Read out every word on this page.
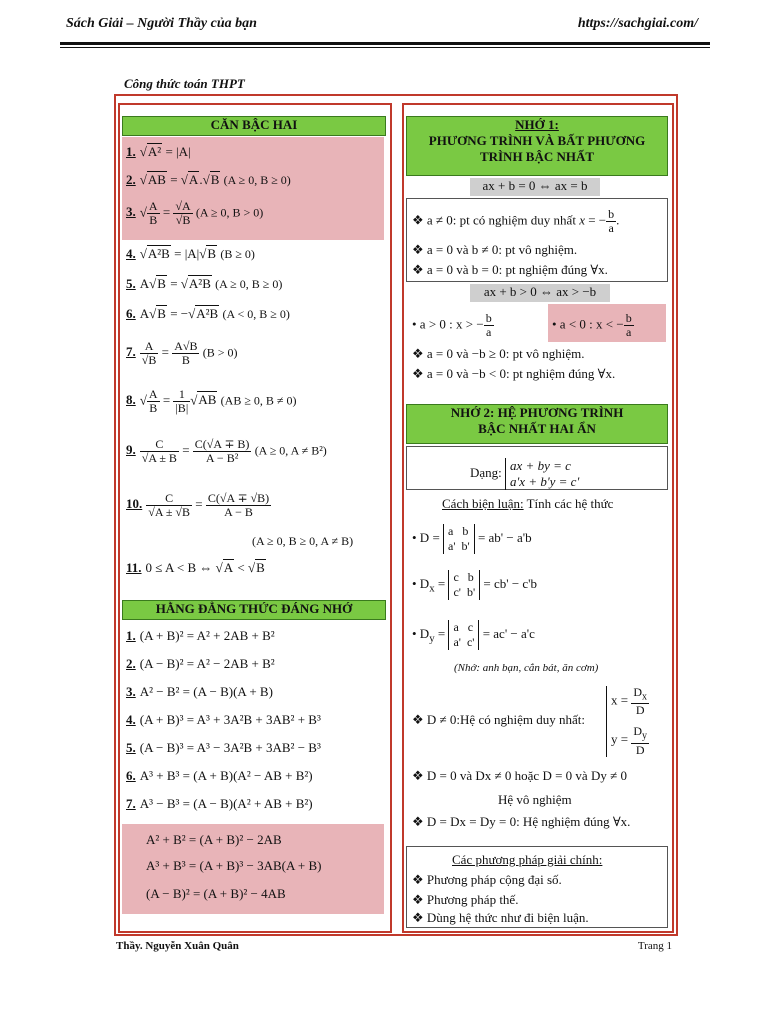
Sách Giải – Người Thầy của bạn	https://sachgiai.com/
Công thức toán THPT
CĂN BẬC HAI
1. √A² = |A|
2. √AB = √A.√B (A ≥ 0, B ≥ 0)
3. √ $\frac{A}{B} = \frac{√A}{√B} (A \ge 0$, B > 0)
4. √A²B = |A|√B (B ≥ 0)
5. A√B = √A²B (A ≥ 0, B ≥ 0)
6. A√B = −√A²B (A < 0, B ≥ 0)
7. $\frac{A}{√B} = \frac{A√B}{B} (B > 0)$
8. √ $\frac{A}{B} = \frac{1}{|B|} √AB$ (AB ≥ 0, B ≠ 0)
9. $\frac{C}{√A \pm B} = \frac{C(√A \mp B)}{\text{A − B²}} (A \ge 0$, A ≠ B²)
10. $\frac{C}{√A \pm √B} = \frac{C(√A \mp √B)}{A - B}$
(A ≥ 0, B ≥ 0, A ≠ B)
11. 0 ≤ A < B ⇔ √A < √B
HẰNG ĐẲNG THỨC ĐÁNG NHỚ
1. (A + B)² = A² + 2AB + B²
2. (A − B)² = A² − 2AB + B²
3. A² − B² = (A − B)(A + B)
4. (A + B)³ = A³ + 3A²B + 3AB² + B³
5. (A − B)³ = A³ − 3A²B + 3AB² − B³
6. A³ + B³ = (A + B)(A² − AB + B²)
7. A³ − B³ = (A − B)(A² + AB + B²)
A² + B² = (A + B)² − 2AB
A³ + B³ = (A + B)³ − 3AB(A + B)
(A − B)² = (A + B)² − 4AB
NHỚ 1:
PHƯƠNG TRÌNH VÀ BẤT PHƯƠNG
TRÌNH BẬC NHẤT
ax + b = 0 ⇔ ax = b
❖ a ≠ 0: pt có nghiệm duy nhất x = − $\frac{b}{a}$ .
❖ a = 0 và b ≠ 0: pt vô nghiệm.
❖ a = 0 và b = 0: pt nghiệm đúng ∀x.
ax + b > 0 ⇔ ax > −b
• a > 0 : x > − $\frac{b}{a}$	• a < 0 : x < − $\frac{b}{a}$
❖ a = 0 và −b ≥ 0: pt vô nghiệm.
❖ a = 0 và −b < 0: pt nghiệm đúng ∀x.
NHỚ 2: HỆ PHƯƠNG TRÌNH
BẬC NHẤT HAI ẨN
Dạng: ax + by = c
a'x + b'y = c'
Cách biện luận: Tính các hệ thức
• D = a   b
a'  b'
= ab' − a'b
• $D_x = c$   b
c'  b'
= cb' − c'b
• $D_y = a$   c
a'  c'
= ac' − a'c
(Nhớ: anh bạn, cắn bát, ăn cơm)
❖ D ≠ 0:Hệ có nghiệm duy nhất:
$x = \frac{D_x}{D}$
$y = \frac{D_y}{D}$
❖ D = 0 và Dx ≠ 0 hoặc D = 0 và Dy ≠ 0
Hệ vô nghiệm
❖ D = Dx = Dy = 0: Hệ nghiệm đúng ∀x.
Các phương pháp giải chính:
❖ Phương pháp cộng đại số.
❖ Phương pháp thế.
❖ Dùng hệ thức như đi biện luận.
Thầy. Nguyễn Xuân Quân	Trang 1
